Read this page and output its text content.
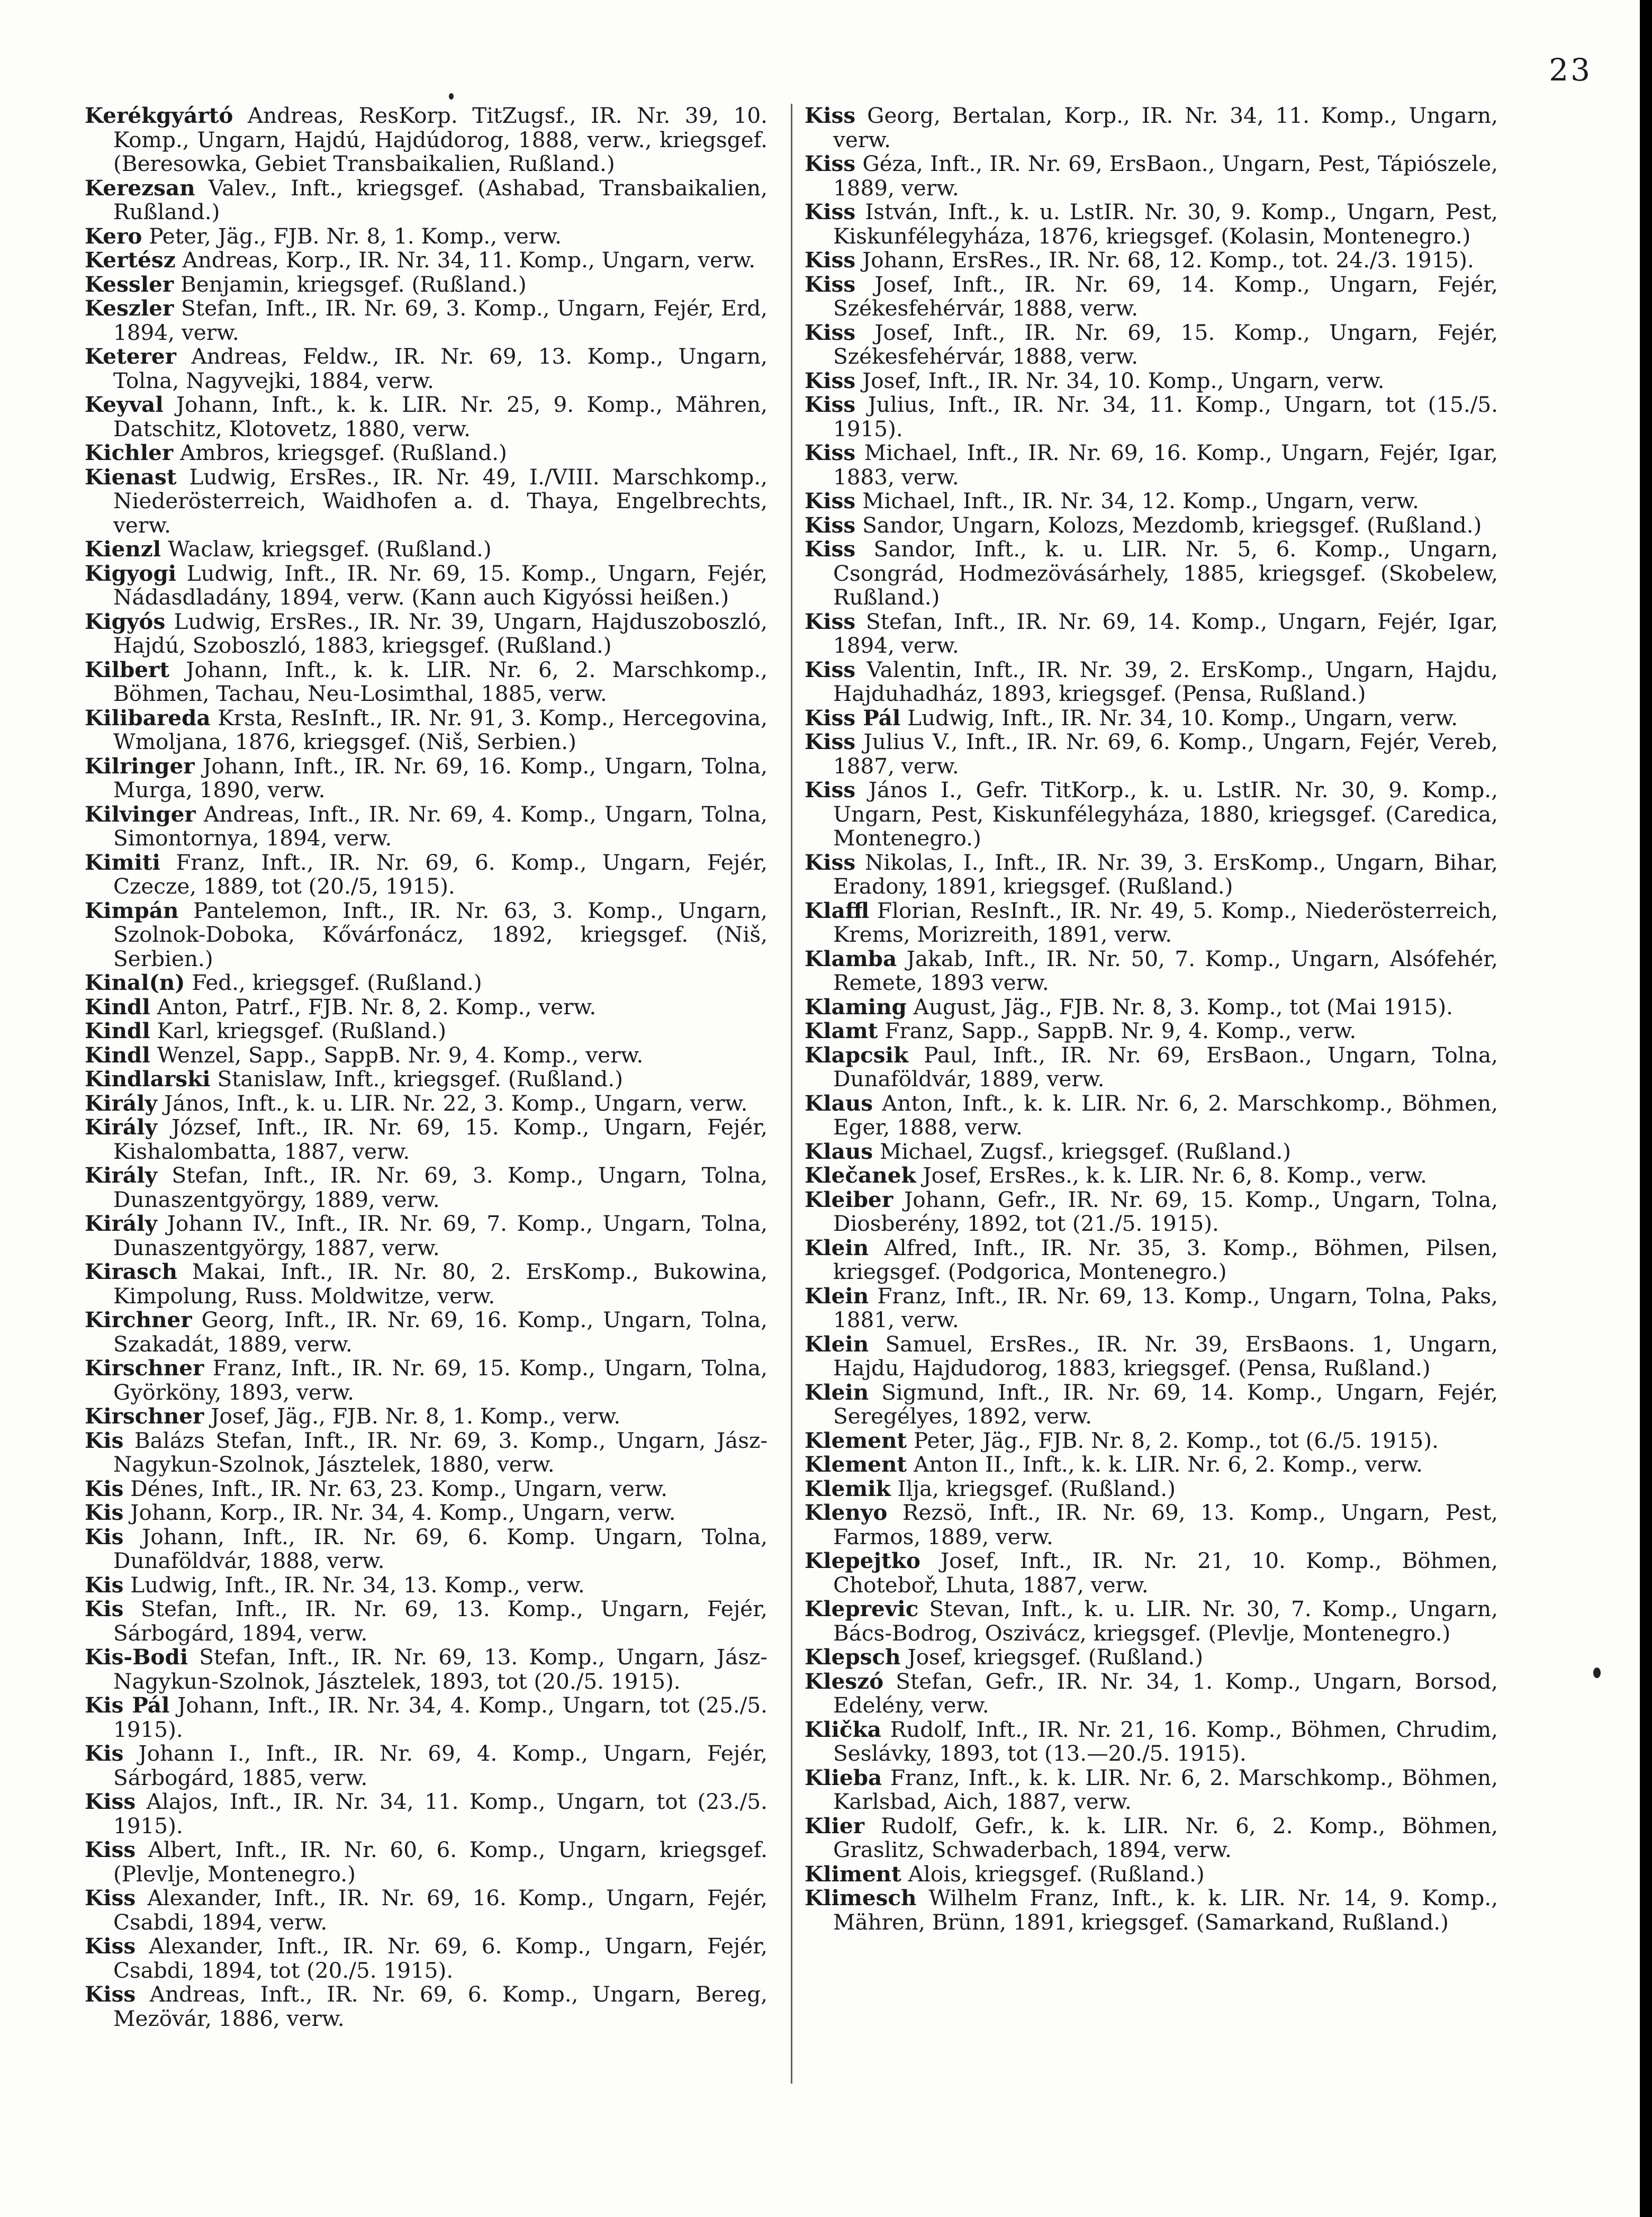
23

Kerékgyártó Andreas, ResKorp. TitZugsf., IR. Nr. 39, 10. Komp., Ungarn, Hajdú, Hajdúdorog, 1888, verw., kriegsgef. (Beresowka, Gebiet Transbaikalien, Rußland.)

Kerezsan Valev., Inft., kriegsgef. (Ashabad, Transbaikalien, Rußland.)

Kero Peter, Jäg., FJB. Nr. 8, 1. Komp., verw.

Kertész Andreas, Korp., IR. Nr. 34, 11. Komp., Ungarn, verw.

Kessler Benjamin, kriegsgef. (Rußland.)

Keszler Stefan, Inft., IR. Nr. 69, 3. Komp., Ungarn, Fejér, Erd, 1894, verw.

Keterer Andreas, Feldw., IR. Nr. 69, 13. Komp., Ungarn, Tolna, Nagyvejki, 1884, verw.

Keyval Johann, Inft., k. k. LIR. Nr. 25, 9. Komp., Mähren, Datschitz, Klotovetz, 1880, verw.

Kichler Ambros, kriegsgef. (Rußland.)

Kienast Ludwig, ErsRes., IR. Nr. 49, I./VIII. Marschkomp., Niederösterreich, Waidhofen a. d. Thaya, Engelbrechts, verw.

Kienzl Waclaw, kriegsgef. (Rußland.)

Kigyogi Ludwig, Inft., IR. Nr. 69, 15. Komp., Ungarn, Fejér, Nádasdladány, 1894, verw. (Kann auch Kigyóssi heißen.)

Kigyós Ludwig, ErsRes., IR. Nr. 39, Ungarn, Hajduszoboszló, Hajdú, Szoboszló, 1883, kriegsgef. (Rußland.)

Kilbert Johann, Inft., k. k. LIR. Nr. 6, 2. Marschkomp., Böhmen, Tachau, Neu-Losimthal, 1885, verw.

Kilibareda Krsta, ResInft., IR. Nr. 91, 3. Komp., Hercegovina, Wmoljana, 1876, kriegsgef. (Niš, Serbien.)

Kilringer Johann, Inft., IR. Nr. 69, 16. Komp., Ungarn, Tolna, Murga, 1890, verw.

Kilvinger Andreas, Inft., IR. Nr. 69, 4. Komp., Ungarn, Tolna, Simontornya, 1894, verw.

Kimiti Franz, Inft., IR. Nr. 69, 6. Komp., Ungarn, Fejér, Czecze, 1889, tot (20./5, 1915).

Kimpán Pantelemon, Inft., IR. Nr. 63, 3. Komp., Ungarn, Szolnok-Doboka, Kővárfonácz, 1892, kriegsgef. (Niš, Serbien.)

Kinal(n) Fed., kriegsgef. (Rußland.)

Kindl Anton, Patrf., FJB. Nr. 8, 2. Komp., verw.

Kindl Karl, kriegsgef. (Rußland.)

Kindl Wenzel, Sapp., SappB. Nr. 9, 4. Komp., verw.

Kindlarski Stanislaw, Inft., kriegsgef. (Rußland.)

Király János, Inft., k. u. LIR. Nr. 22, 3. Komp., Ungarn, verw.

Király József, Inft., IR. Nr. 69, 15. Komp., Ungarn, Fejér, Kishalombatta, 1887, verw.

Király Stefan, Inft., IR. Nr. 69, 3. Komp., Ungarn, Tolna, Dunaszentgyörgy, 1889, verw.

Király Johann IV., Inft., IR. Nr. 69, 7. Komp., Ungarn, Tolna, Dunaszentgyörgy, 1887, verw.

Kirasch Makai, Inft., IR. Nr. 80, 2. ErsKomp., Bukowina, Kimpolung, Russ. Moldwitze, verw.

Kirchner Georg, Inft., IR. Nr. 69, 16. Komp., Ungarn, Tolna, Szakadát, 1889, verw.

Kirschner Franz, Inft., IR. Nr. 69, 15. Komp., Ungarn, Tolna, Györköny, 1893, verw.

Kirschner Josef, Jäg., FJB. Nr. 8, 1. Komp., verw.

Kis Balázs Stefan, Inft., IR. Nr. 69, 3. Komp., Ungarn, Jász-Nagykun-Szolnok, Jásztelek, 1880, verw.

Kis Dénes, Inft., IR. Nr. 63, 23. Komp., Ungarn, verw.

Kis Johann, Korp., IR. Nr. 34, 4. Komp., Ungarn, verw.

Kis Johann, Inft., IR. Nr. 69, 6. Komp. Ungarn, Tolna, Dunaföldvár, 1888, verw.

Kis Ludwig, Inft., IR. Nr. 34, 13. Komp., verw.

Kis Stefan, Inft., IR. Nr. 69, 13. Komp., Ungarn, Fejér, Sárbogárd, 1894, verw.

Kis-Bodi Stefan, Inft., IR. Nr. 69, 13. Komp., Ungarn, Jász-Nagykun-Szolnok, Jásztelek, 1893, tot (20./5. 1915).

Kis Pál Johann, Inft., IR. Nr. 34, 4. Komp., Ungarn, tot (25./5. 1915).

Kis Johann I., Inft., IR. Nr. 69, 4. Komp., Ungarn, Fejér, Sárbogárd, 1885, verw.

Kiss Alajos, Inft., IR. Nr. 34, 11. Komp., Ungarn, tot (23./5. 1915).

Kiss Albert, Inft., IR. Nr. 60, 6. Komp., Ungarn, kriegsgef. (Plevlje, Montenegro.)

Kiss Alexander, Inft., IR. Nr. 69, 16. Komp., Ungarn, Fejér, Csabdi, 1894, verw.

Kiss Alexander, Inft., IR. Nr. 69, 6. Komp., Ungarn, Fejér, Csabdi, 1894, tot (20./5. 1915).

Kiss Andreas, Inft., IR. Nr. 69, 6. Komp., Ungarn, Bereg, Mezövár, 1886, verw.

Kiss Georg, Bertalan, Korp., IR. Nr. 34, 11. Komp., Ungarn, verw.

Kiss Géza, Inft., IR. Nr. 69, ErsBaon., Ungarn, Pest, Tápiószele, 1889, verw.

Kiss István, Inft., k. u. LstIR. Nr. 30, 9. Komp., Ungarn, Pest, Kiskunfélegyháza, 1876, kriegsgef. (Kolasin, Montenegro.)

Kiss Johann, ErsRes., IR. Nr. 68, 12. Komp., tot. 24./3. 1915).

Kiss Josef, Inft., IR. Nr. 69, 14. Komp., Ungarn, Fejér, Székesfehérvár, 1888, verw.

Kiss Josef, Inft., IR. Nr. 69, 15. Komp., Ungarn, Fejér, Székesfehérvár, 1888, verw.

Kiss Josef, Inft., IR. Nr. 34, 10. Komp., Ungarn, verw.

Kiss Julius, Inft., IR. Nr. 34, 11. Komp., Ungarn, tot (15./5. 1915).

Kiss Michael, Inft., IR. Nr. 69, 16. Komp., Ungarn, Fejér, Igar, 1883, verw.

Kiss Michael, Inft., IR. Nr. 34, 12. Komp., Ungarn, verw.

Kiss Sandor, Ungarn, Kolozs, Mezdomb, kriegsgef. (Rußland.)

Kiss Sandor, Inft., k. u. LIR. Nr. 5, 6. Komp., Ungarn, Csongrád, Hodmezövásárhely, 1885, kriegsgef. (Skobelew, Rußland.)

Kiss Stefan, Inft., IR. Nr. 69, 14. Komp., Ungarn, Fejér, Igar, 1894, verw.

Kiss Valentin, Inft., IR. Nr. 39, 2. ErsKomp., Ungarn, Hajdu, Hajduhadház, 1893, kriegsgef. (Pensa, Rußland.)

Kiss Pál Ludwig, Inft., IR. Nr. 34, 10. Komp., Ungarn, verw.

Kiss Julius V., Inft., IR. Nr. 69, 6. Komp., Ungarn, Fejér, Vereb, 1887, verw.

Kiss János I., Gefr. TitKorp., k. u. LstIR. Nr. 30, 9. Komp., Ungarn, Pest, Kiskunfélegyháza, 1880, kriegsgef. (Caredica, Montenegro.)

Kiss Nikolas, I., Inft., IR. Nr. 39, 3. ErsKomp., Ungarn, Bihar, Eradony, 1891, kriegsgef. (Rußland.)

Klaffl Florian, ResInft., IR. Nr. 49, 5. Komp., Niederösterreich, Krems, Morizreith, 1891, verw.

Klamba Jakab, Inft., IR. Nr. 50, 7. Komp., Ungarn, Alsófehér, Remete, 1893 verw.

Klaming August, Jäg., FJB. Nr. 8, 3. Komp., tot (Mai 1915).

Klamt Franz, Sapp., SappB. Nr. 9, 4. Komp., verw.

Klapcsik Paul, Inft., IR. Nr. 69, ErsBaon., Ungarn, Tolna, Dunaföldvár, 1889, verw.

Klaus Anton, Inft., k. k. LIR. Nr. 6, 2. Marschkomp., Böhmen, Eger, 1888, verw.

Klaus Michael, Zugsf., kriegsgef. (Rußland.)

Klečanek Josef, ErsRes., k. k. LIR. Nr. 6, 8. Komp., verw.

Kleiber Johann, Gefr., IR. Nr. 69, 15. Komp., Ungarn, Tolna, Diosberény, 1892, tot (21./5. 1915).

Klein Alfred, Inft., IR. Nr. 35, 3. Komp., Böhmen, Pilsen, kriegsgef. (Podgorica, Montenegro.)

Klein Franz, Inft., IR. Nr. 69, 13. Komp., Ungarn, Tolna, Paks, 1881, verw.

Klein Samuel, ErsRes., IR. Nr. 39, ErsBaons. 1, Ungarn, Hajdu, Hajdudorog, 1883, kriegsgef. (Pensa, Rußland.)

Klein Sigmund, Inft., IR. Nr. 69, 14. Komp., Ungarn, Fejér, Seregélyes, 1892, verw.

Klement Peter, Jäg., FJB. Nr. 8, 2. Komp., tot (6./5. 1915).

Klement Anton II., Inft., k. k. LIR. Nr. 6, 2. Komp., verw.

Klemik Ilja, kriegsgef. (Rußland.)

Klenyo Rezsö, Inft., IR. Nr. 69, 13. Komp., Ungarn, Pest, Farmos, 1889, verw.

Klepejtko Josef, Inft., IR. Nr. 21, 10. Komp., Böhmen, Choteboř, Lhuta, 1887, verw.

Kleprevic Stevan, Inft., k. u. LIR. Nr. 30, 7. Komp., Ungarn, Bács-Bodrog, Oszivácz, kriegsgef. (Plevlje, Montenegro.)

Klepsch Josef, kriegsgef. (Rußland.)

Kleszó Stefan, Gefr., IR. Nr. 34, 1. Komp., Ungarn, Borsod, Edelény, verw.

Klička Rudolf, Inft., IR. Nr. 21, 16. Komp., Böhmen, Chrudim, Seslávky, 1893, tot (13.—20./5. 1915).

Klieba Franz, Inft., k. k. LIR. Nr. 6, 2. Marschkomp., Böhmen, Karlsbad, Aich, 1887, verw.

Klier Rudolf, Gefr., k. k. LIR. Nr. 6, 2. Komp., Böhmen, Graslitz, Schwaderbach, 1894, verw.

Kliment Alois, kriegsgef. (Rußland.)

Klimesch Wilhelm Franz, Inft., k. k. LIR. Nr. 14, 9. Komp., Mähren, Brünn, 1891, kriegsgef. (Samarkand, Rußland.)
